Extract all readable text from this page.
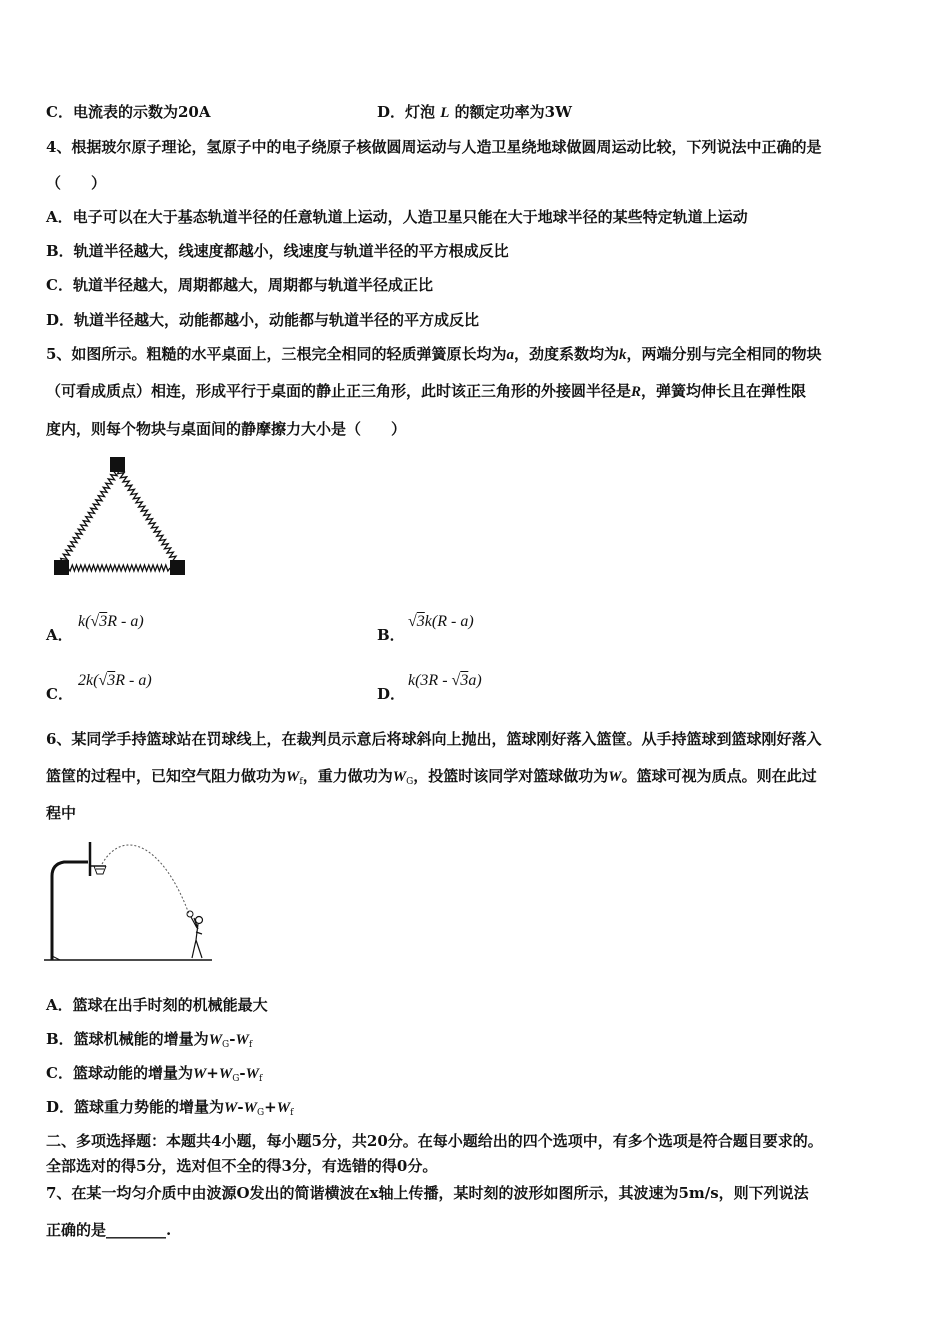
C．电流表的示数为20A	D．灯泡 L 的额定功率为3W
4、根据玻尔原子理论，氢原子中的电子绕原子核做圆周运动与人造卫星绕地球做圆周运动比较，下列说法中正确的是
（　　）
A．电子可以在大于基态轨道半径的任意轨道上运动，人造卫星只能在大于地球半径的某些特定轨道上运动
B．轨道半径越大，线速度都越小，线速度与轨道半径的平方根成反比
C．轨道半径越大，周期都越大，周期都与轨道半径成正比
D．轨道半径越大，动能都越小，动能都与轨道半径的平方成反比
5、如图所示。粗糙的水平桌面上，三根完全相同的轻质弹簧原长均为a，劲度系数均为k，两端分别与完全相同的物块
（可看成质点）相连，形成平行于桌面的静止正三角形，此时该正三角形的外接圆半径是R，弹簧均伸长且在弹性限
度内，则每个物块与桌面间的静摩擦力大小是（　　）
A．
k(√3R - a)
B．
√3k(R - a)
C．
2k(√3R - a)
D．
k(3R - √3a)
6、某同学手持篮球站在罚球线上，在裁判员示意后将球斜向上抛出，篮球刚好落入篮筐。从手持篮球到篮球刚好落入
篮筐的过程中，已知空气阻力做功为$W_f$，重力做功为$W_G$，投篮时该同学对篮球做功为W。篮球可视为质点。则在此过
程中
A．篮球在出手时刻的机械能最大
B．篮球机械能的增量为$W_G-W_f$
C．篮球动能的增量为$W+W_G-W_f$
D．篮球重力势能的增量为$W-W_G+W_f$
二、多项选择题：本题共4小题，每小题5分，共20分。在每小题给出的四个选项中，有多个选项是符合题目要求的。
全部选对的得5分，选对但不全的得3分，有选错的得0分。
7、在某一均匀介质中由波源O发出的简谐横波在x轴上传播，某时刻的波形如图所示，其波速为5m/s，则下列说法
正确的是________.
